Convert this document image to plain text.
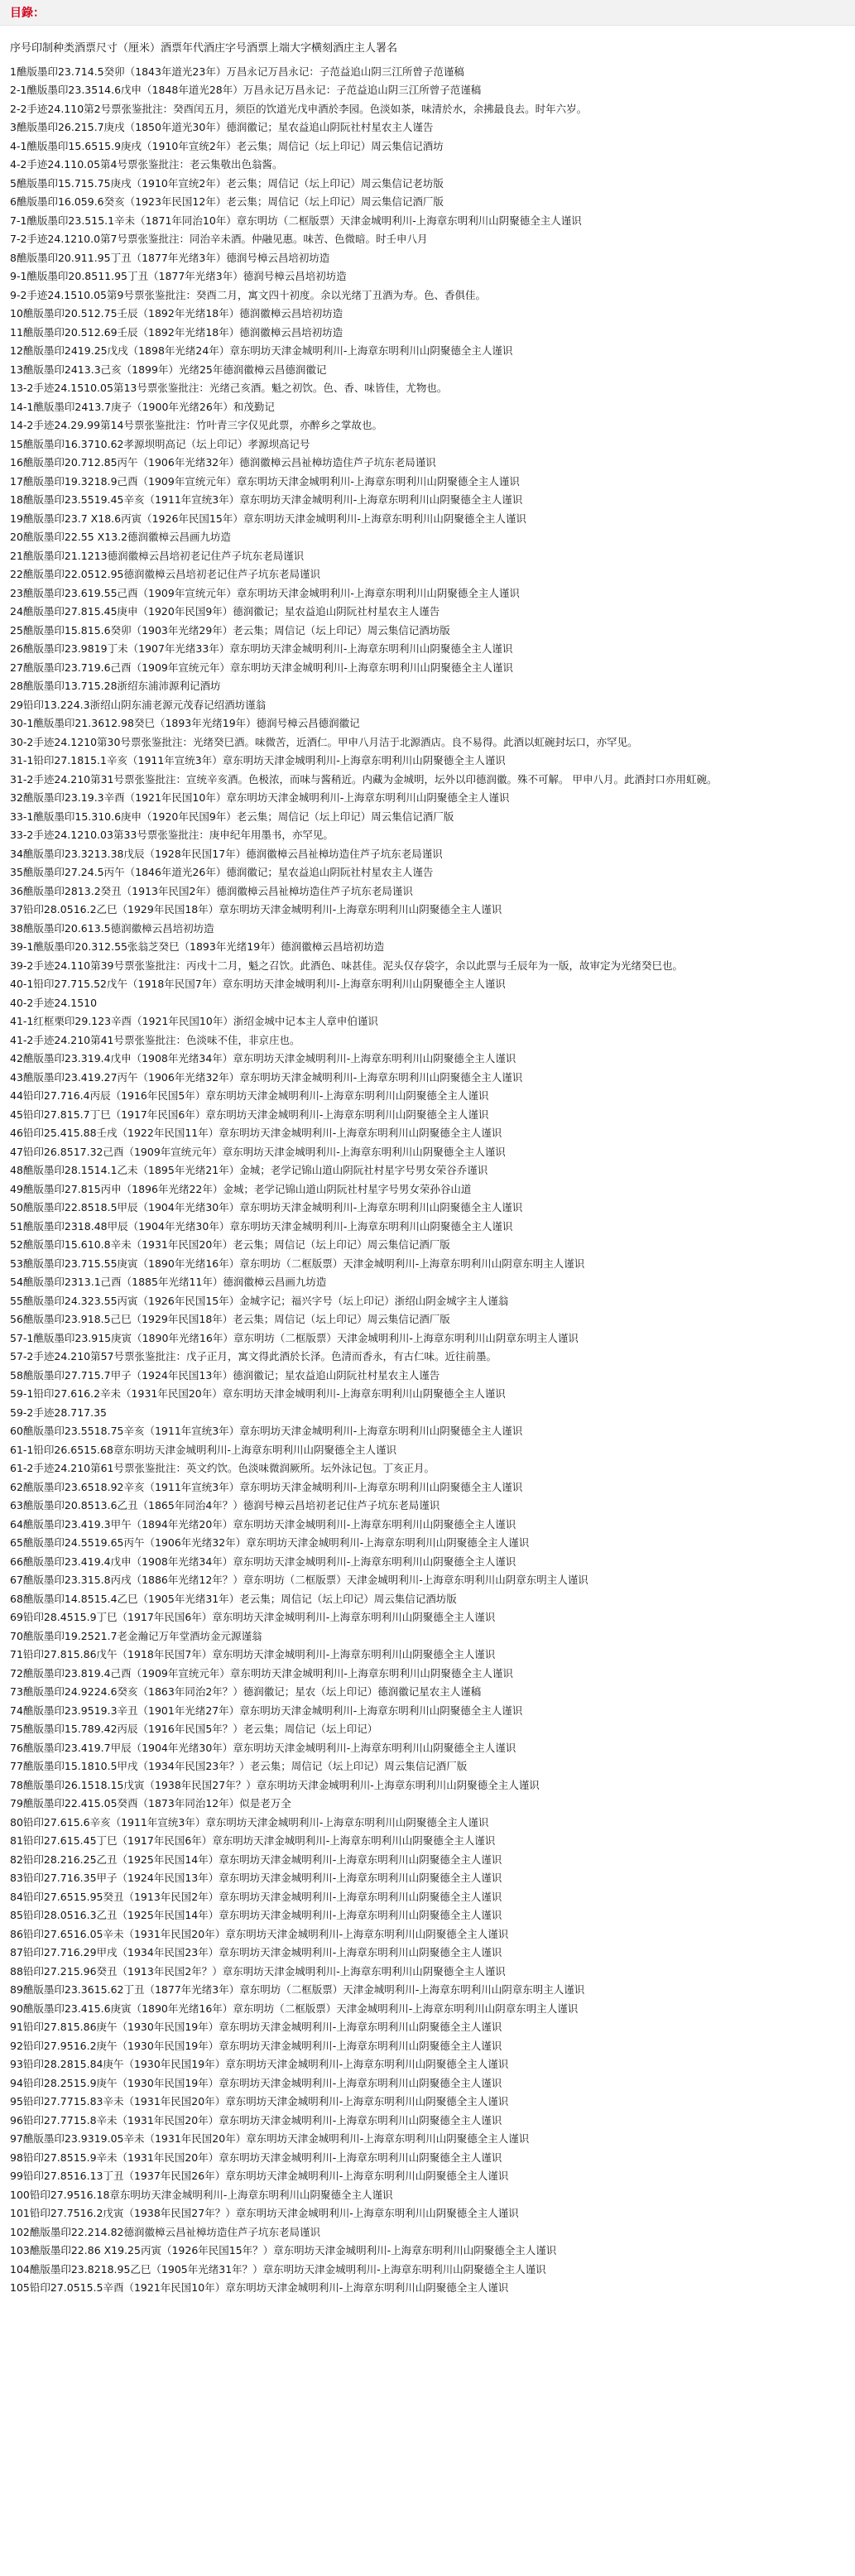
目錄：
序号印制种类酒票尺寸（厘米）酒票年代酒庄字号酒票上端大字横刻酒庄主人署名
1醮版墨印23.714.5癸卯（1843年道光23年）万昌永记万昌永记：子范益追山阴三江所曾子范谨稿
2-1醮版墨印23.3514.6戊申（1848年道光28年）万昌永记万昌永记：子范益追山阴三江所曾子范谨稿
2-2手迹24.110第2号票张鉴批注：癸酉闰五月，须臣的饮道光戊申酒於李园。色淡如茶，味清於水，余拂最良去。时年六岁。
3醮版墨印26.215.7庚戌（1850年道光30年）德润徽记；星农益追山阴阮社村星农主人谨告
4-1醮版墨印15.6515.9庚戌（1910年宣统2年）老云集；周信记（坛上印记）周云集信记酒坊
4-2手迹24.110.05第4号票张鉴批注：老云集敬出色翁酱。
5醮版墨印15.715.75庚戌（1910年宣统2年）老云集；周信记（坛上印记）周云集信记老坊版
6醮版墨印16.059.6癸亥（1923年民国12年）老云集；周信记（坛上印记）周云集信记酒厂版
7-1醮版墨印23.515.1辛未（1871年同治10年）章东明坊（二框版票）天津金城明利川-上海章东明利川山阴聚德全主人谨识
7-2手迹24.1210.0第7号票张鉴批注：同治辛未酒。仲融见惠。味苦、色微暗。时壬申八月
8醮版墨印20.911.95丁丑（1877年光绪3年）德润号樟云昌培初坊造
9-1醮版墨印20.8511.95丁丑（1877年光绪3年）德润号樟云昌培初坊造
9-2手迹24.1510.05第9号票张鉴批注：癸酉二月，寓文四十初度。余以光绪丁丑酒为寿。色、香俱佳。
10醮版墨印20.512.75壬辰（1892年光绪18年）德润徽樟云昌培初坊造
11醮版墨印20.512.69壬辰（1892年光绪18年）德润徽樟云昌培初坊造
12醮版墨印2419.25戊戌（1898年光绪24年）章东明坊天津金城明利川-上海章东明利川山阴聚德全主人谨识
13醮版墨印2413.3己亥（1899年）光绪25年德润徽樟云昌德润徽记
13-2手迹24.1510.05第13号票张鉴批注：光绪己亥酒。魁之初饮。色、香、味皆佳，尤物也。
14-1醮版墨印2413.7庚子（1900年光绪26年）和茂勤记
14-2手迹24.29.99第14号票张鉴批注：竹叶青三字仅见此票，亦醉乡之掌故也。
15醮版墨印16.3710.62孝源坝明高记（坛上印记）孝源坝高记号
16醮版墨印20.712.85丙午（1906年光绪32年）德润徽樟云昌祉樟坊造住芦子坑东老局谨识
17醮版墨印19.3218.9己酉（1909年宣统元年）章东明坊天津金城明利川-上海章东明利川山阴聚德全主人谨识
18醮版墨印23.5519.45辛亥（1911年宣统3年）章东明坊天津金城明利川-上海章东明利川山阴聚德全主人谨识
19醮版墨印23.7 X18.6丙寅（1926年民国15年）章东明坊天津金城明利川-上海章东明利川山阴聚德全主人谨识
20醮版墨印22.55 X13.2德润徽樟云昌画九坊造
21醮版墨印21.1213德润徽樟云昌培初老记住芦子坑东老局谨识
22醮版墨印22.0512.95德润徽樟云昌培初老记住芦子坑东老局谨识
23醮版墨印23.619.55己酉（1909年宣统元年）章东明坊天津金城明利川-上海章东明利川山阴聚德全主人谨识
24醮版墨印27.815.45庚申（1920年民国9年）德润徽记；星农益追山阴阮社村星农主人谨告
25醮版墨印15.815.6癸卯（1903年光绪29年）老云集；周信记（坛上印记）周云集信记酒坊版
26醮版墨印23.9819丁未（1907年光绪33年）章东明坊天津金城明利川-上海章东明利川山阴聚德全主人谨识
27醮版墨印23.719.6己酉（1909年宣统元年）章东明坊天津金城明利川-上海章东明利川山阴聚德全主人谨识
28醮版墨印13.715.28浙绍东浦沛源利记酒坊
29铅印13.224.3浙绍山阴东浦老源元茂春记绍酒坊谨翁
30-1醮版墨印21.3612.98癸巳（1893年光绪19年）德润号樟云昌德润徽记
30-2手迹24.1210第30号票张鉴批注：光绪癸巳酒。味微苦，近酒仁。甲申八月洁于北源酒店。良不易得。此酒以虹碗封坛口，亦罕见。
31-1铅印27.1815.1辛亥（1911年宣统3年）章东明坊天津金城明利川-上海章东明利川山阴聚德全主人谨识
31-2手迹24.210第31号票张鉴批注：宣统辛亥酒。色极浓，而味与酱稍近。内藏为金城明，坛外以印德润徽。殊不可解。 甲申八月。此酒封口亦用虹碗。
32醮版墨印23.19.3辛酉（1921年民国10年）章东明坊天津金城明利川-上海章东明利川山阴聚德全主人谨识
33-1醮版墨印15.310.6庚申（1920年民国9年）老云集；周信记（坛上印记）周云集信记酒厂版
33-2手迹24.1210.03第33号票张鉴批注：庚申纪年用墨书，亦罕见。
34醮版墨印23.3213.38戊辰（1928年民国17年）德润徽樟云昌祉樟坊造住芦子坑东老局谨识
35醮版墨印27.24.5丙午（1846年道光26年）德润徽记；星农益追山阴阮社村星农主人谨告
36醮版墨印2813.2癸丑（1913年民国2年）德润徽樟云昌祉樟坊造住芦子坑东老局谨识
37铅印28.0516.2乙巳（1929年民国18年）章东明坊天津金城明利川-上海章东明利川山阴聚德全主人谨识
38醮版墨印20.613.5德润徽樟云昌培初坊造
39-1醮版墨印20.312.55张翁芝癸巳（1893年光绪19年）德润徽樟云昌培初坊造
39-2手迹24.110第39号票张鉴批注：丙戌十二月，魁之召饮。此酒色、味甚佳。泥头仅存袋字，余以此票与壬辰年为一版，故审定为光绪癸巳也。
40-1铅印27.715.52戊午（1918年民国7年）章东明坊天津金城明利川-上海章东明利川山阴聚德全主人谨识
40-2手迹24.1510
41-1红框栗印29.123辛酉（1921年民国10年）浙绍金城中记本主人章申伯谨识
41-2手迹24.210第41号票张鉴批注：色淡味不佳，非京庄也。
42醮版墨印23.319.4戊申（1908年光绪34年）章东明坊天津金城明利川-上海章东明利川山阴聚德全主人谨识
43醮版墨印23.419.27丙午（1906年光绪32年）章东明坊天津金城明利川-上海章东明利川山阴聚德全主人谨识
44铅印27.716.4丙辰（1916年民国5年）章东明坊天津金城明利川-上海章东明利川山阴聚德全主人谨识
45铅印27.815.7丁巳（1917年民国6年）章东明坊天津金城明利川-上海章东明利川山阴聚德全主人谨识
46铅印25.415.88壬戌（1922年民国11年）章东明坊天津金城明利川-上海章东明利川山阴聚德全主人谨识
47铅印26.8517.32己酉（1909年宣统元年）章东明坊天津金城明利川-上海章东明利川山阴聚德全主人谨识
48醮版墨印28.1514.1乙未（1895年光绪21年）金城；老学记锦山道山阴阮社村星字号男女荣谷乔谨识
49醮版墨印27.815丙申（1896年光绪22年）金城；老学记锦山道山阴阮社村星字号男女荣孙谷山道
50醮版墨印22.8518.5甲辰（1904年光绪30年）章东明坊天津金城明利川-上海章东明利川山阴聚德全主人谨识
51醮版墨印2318.48甲辰（1904年光绪30年）章东明坊天津金城明利川-上海章东明利川山阴聚德全主人谨识
52醮版墨印15.610.8辛未（1931年民国20年）老云集；周信记（坛上印记）周云集信记酒厂版
53醮版墨印23.715.55庚寅（1890年光绪16年）章东明坊（二框版票）天津金城明利川-上海章东明利川山阴章东明主人谨识
54醮版墨印2313.1己酉（1885年光绪11年）德润徽樟云昌画九坊造
55醮版墨印24.323.55丙寅（1926年民国15年）金城字记；福兴字号（坛上印记）浙绍山阴金城字主人谨翁
56醮版墨印23.918.5己巳（1929年民国18年）老云集；周信记（坛上印记）周云集信记酒厂版
57-1醮版墨印23.915庚寅（1890年光绪16年）章东明坊（二框版票）天津金城明利川-上海章东明利川山阴章东明主人谨识
57-2手迹24.210第57号票张鉴批注：戊子正月，寓文得此酒於长泽。色清而香永，有古仁味。近往前墨。
58醮版墨印27.715.7甲子（1924年民国13年）德润徽记；星农益追山阴阮社村星农主人谨告
59-1铅印27.616.2辛未（1931年民国20年）章东明坊天津金城明利川-上海章东明利川山阴聚德全主人谨识
59-2手迹28.717.35
60醮版墨印23.5518.75辛亥（1911年宣统3年）章东明坊天津金城明利川-上海章东明利川山阴聚德全主人谨识
61-1铅印26.6515.68章东明坊天津金城明利川-上海章东明利川山阴聚德全主人谨识
61-2手迹24.210第61号票张鉴批注：英文约饮。色淡味微润厥所。坛外泳记包。丁亥正月。
62醮版墨印23.6518.92辛亥（1911年宣统3年）章东明坊天津金城明利川-上海章东明利川山阴聚德全主人谨识
63醮版墨印20.8513.6乙丑（1865年同治4年？）德润号樟云昌培初老记住芦子坑东老局谨识
64醮版墨印23.419.3甲午（1894年光绪20年）章东明坊天津金城明利川-上海章东明利川山阴聚德全主人谨识
65醮版墨印24.5519.65丙午（1906年光绪32年）章东明坊天津金城明利川-上海章东明利川山阴聚德全主人谨识
66醮版墨印23.419.4戊申（1908年光绪34年）章东明坊天津金城明利川-上海章东明利川山阴聚德全主人谨识
67醮版墨印23.315.8丙戌（1886年光绪12年？）章东明坊（二框版票）天津金城明利川-上海章东明利川山阴章东明主人谨识
68醮版墨印14.8515.4乙巳（1905年光绪31年）老云集；周信记（坛上印记）周云集信记酒坊版
69铅印28.4515.9丁巳（1917年民国6年）章东明坊天津金城明利川-上海章东明利川山阴聚德全主人谨识
70醮版墨印19.2521.7老金瀚记万年堂酒坊金元源谨翁
71铅印27.815.86戊午（1918年民国7年）章东明坊天津金城明利川-上海章东明利川山阴聚德全主人谨识
72醮版墨印23.819.4己酉（1909年宣统元年）章东明坊天津金城明利川-上海章东明利川山阴聚德全主人谨识
73醮版墨印24.9224.6癸亥（1863年同治2年？）德润徽记；星农（坛上印记）德润徽记星农主人谨稿
74醮版墨印23.9519.3辛丑（1901年光绪27年）章东明坊天津金城明利川-上海章东明利川山阴聚德全主人谨识
75醮版墨印15.789.42丙辰（1916年民国5年？）老云集；周信记（坛上印记）
76醮版墨印23.419.7甲辰（1904年光绪30年）章东明坊天津金城明利川-上海章东明利川山阴聚德全主人谨识
77醮版墨印15.1810.5甲戌（1934年民国23年？）老云集；周信记（坛上印记）周云集信记酒厂版
78醮版墨印26.1518.15戊寅（1938年民国27年？）章东明坊天津金城明利川-上海章东明利川山阴聚德全主人谨识
79醮版墨印22.415.05癸酉（1873年同治12年）似是老万全
80铅印27.615.6辛亥（1911年宣统3年）章东明坊天津金城明利川-上海章东明利川山阴聚德全主人谨识
81铅印27.615.45丁巳（1917年民国6年）章东明坊天津金城明利川-上海章东明利川山阴聚德全主人谨识
82铅印28.216.25乙丑（1925年民国14年）章东明坊天津金城明利川-上海章东明利川山阴聚德全主人谨识
83铅印27.716.35甲子（1924年民国13年）章东明坊天津金城明利川-上海章东明利川山阴聚德全主人谨识
84铅印27.6515.95癸丑（1913年民国2年）章东明坊天津金城明利川-上海章东明利川山阴聚德全主人谨识
85铅印28.0516.3乙丑（1925年民国14年）章东明坊天津金城明利川-上海章东明利川山阴聚德全主人谨识
86铅印27.6516.05辛未（1931年民国20年）章东明坊天津金城明利川-上海章东明利川山阴聚德全主人谨识
87铅印27.716.29甲戌（1934年民国23年）章东明坊天津金城明利川-上海章东明利川山阴聚德全主人谨识
88铅印27.215.96癸丑（1913年民国2年？）章东明坊天津金城明利川-上海章东明利川山阴聚德全主人谨识
89醮版墨印23.3615.62丁丑（1877年光绪3年）章东明坊（二框版票）天津金城明利川-上海章东明利川山阴章东明主人谨识
90醮版墨印23.415.6庚寅（1890年光绪16年）章东明坊（二框版票）天津金城明利川-上海章东明利川山阴章东明主人谨识
91铅印27.815.86庚午（1930年民国19年）章东明坊天津金城明利川-上海章东明利川山阴聚德全主人谨识
92铅印27.9516.2庚午（1930年民国19年）章东明坊天津金城明利川-上海章东明利川山阴聚德全主人谨识
93铅印28.2815.84庚午（1930年民国19年）章东明坊天津金城明利川-上海章东明利川山阴聚德全主人谨识
94铅印28.2515.9庚午（1930年民国19年）章东明坊天津金城明利川-上海章东明利川山阴聚德全主人谨识
95铅印27.7715.83辛未（1931年民国20年）章东明坊天津金城明利川-上海章东明利川山阴聚德全主人谨识
96铅印27.7715.8辛未（1931年民国20年）章东明坊天津金城明利川-上海章东明利川山阴聚德全主人谨识
97醮版墨印23.9319.05辛未（1931年民国20年）章东明坊天津金城明利川-上海章东明利川山阴聚德全主人谨识
98铅印27.8515.9辛未（1931年民国20年）章东明坊天津金城明利川-上海章东明利川山阴聚德全主人谨识
99铅印27.8516.13丁丑（1937年民国26年）章东明坊天津金城明利川-上海章东明利川山阴聚德全主人谨识
100铅印27.9516.18章东明坊天津金城明利川-上海章东明利川山阴聚德全主人谨识
101铅印27.7516.2戊寅（1938年民国27年？）章东明坊天津金城明利川-上海章东明利川山阴聚德全主人谨识
102醮版墨印22.214.82德润徽樟云昌祉樟坊造住芦子坑东老局谨识
103醮版墨印22.86 X19.25丙寅（1926年民国15年？）章东明坊天津金城明利川-上海章东明利川山阴聚德全主人谨识
104醮版墨印23.8218.95乙巳（1905年光绪31年？）章东明坊天津金城明利川-上海章东明利川山阴聚德全主人谨识
105铅印27.0515.5辛酉（1921年民国10年）章东明坊天津金城明利川-上海章东明利川山阴聚德全主人谨识
